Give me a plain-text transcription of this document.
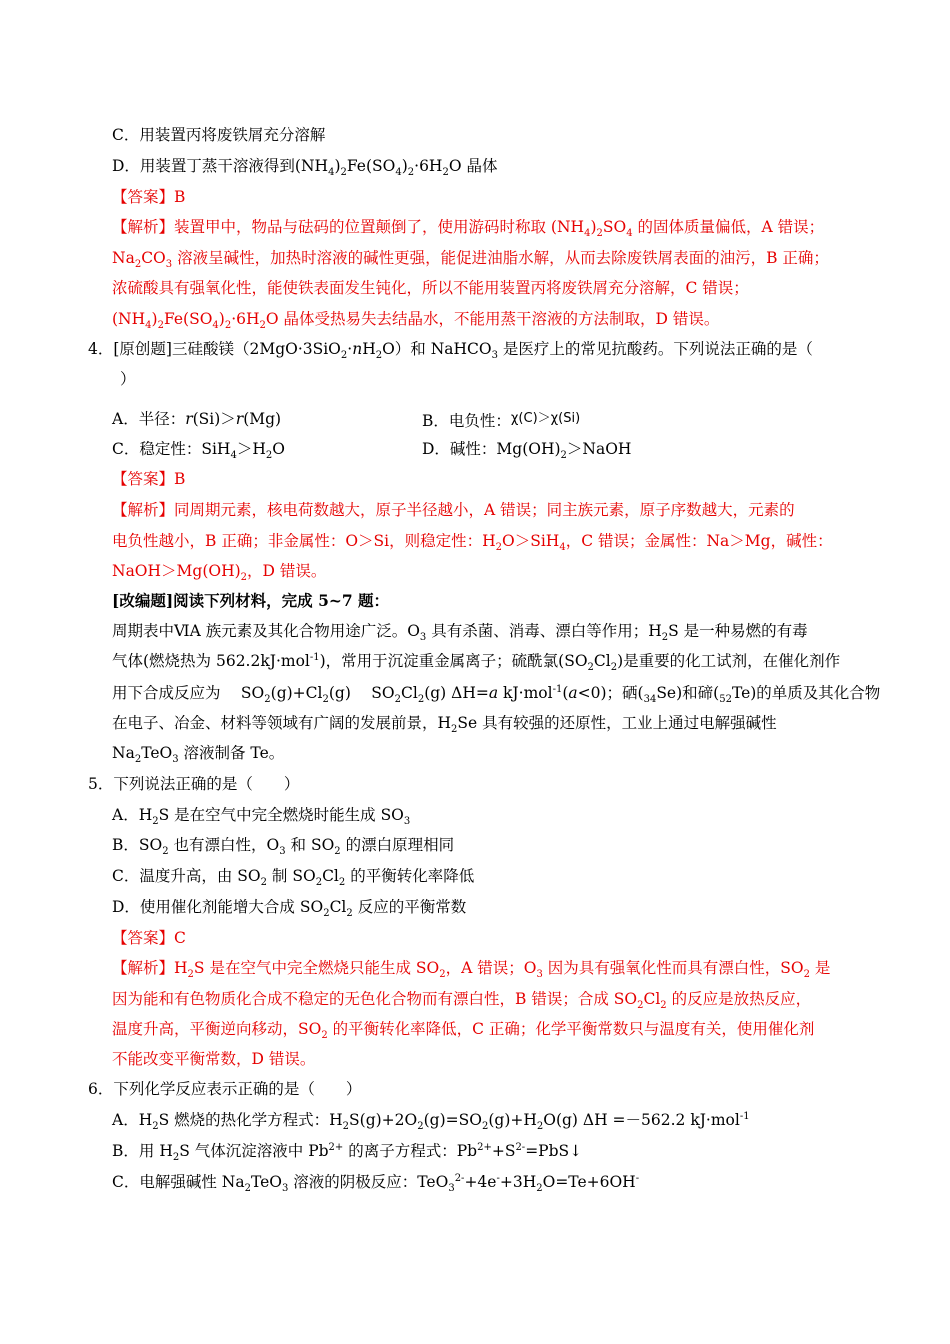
C．用装置丙将废铁屑充分溶解
D．用装置丁蒸干溶液得到$(NH_4)_2Fe(SO_4)_2\cdot 6H_2O$ 晶体
【答案】B
【解析】装置甲中，物品与砝码的位置颠倒了，使用游码时称取 $(NH_4)_2SO_4$ 的固体质量偏低，A 错误；
$Na_2CO_3$ 溶液呈碱性，加热时溶液的碱性更强，能促进油脂水解，从而去除废铁屑表面的油污，B 正确；
浓硫酸具有强氧化性，能使铁表面发生钝化，所以不能用装置丙将废铁屑充分溶解，C 错误；
$(NH_4)_2Fe(SO_4)_2\cdot 6H_2O$ 晶体受热易失去结晶水，不能用蒸干溶液的方法制取，D 错误。
4．[原创题]三硅酸镁$(2MgO\cdot 3SiO_2\cdot nH_2O)$和 NaHCO$_3$ 是医疗上的常见抗酸药。下列说法正确的是（
）
A．半径：r(Si)＞r(Mg)	B．电负性：$^{\chi(C)>\chi(Si)}$
C．稳定性：$SiH_4>H_2O$	D．碱性：$Mg(OH)_2>NaOH$
【答案】B
【解析】同周期元素，核电荷数越大，原子半径越小，A 错误；同主族元素，原子序数越大，元素的
电负性越小，B 正确；非金属性：O＞Si，则稳定性：$H_2O>SiH_4$，C 错误；金属性：Na＞Mg，碱性：
$NaOH>Mg(OH)_2$，D 错误。
[改编题]阅读下列材料，完成 5~7 题：
周期表中ⅥA 族元素及其化合物用途广泛。$O_3$ 具有杀菌、消毒、漂白等作用；$H_2S$ 是一种易燃的有毒
气体(燃烧热为 562.2kJ·mol$^{-1}$)，常用于沉淀重金属离子；硫酰氯$(SO_2Cl_2)$是重要的化工试剂，在催化剂作
用下合成反应为　 $SO_2(g)+Cl_2(g)$　 $SO_2Cl_2(g)$ ΔH=a kJ·mol$^{-1}$(a<0)；硒$(_{34}Se)$和碲$(_{52}Te)$的单质及其化合物
在电子、冶金、材料等领域有广阔的发展前景，$H_2Se$ 具有较强的还原性，工业上通过电解强碱性
$Na_2TeO_3$ 溶液制备 Te。
5．下列说法正确的是（　　）
A．$H_2S$ 是在空气中完全燃烧时能生成 $SO_3$
B．$SO_2$ 也有漂白性，$O_3$ 和 $SO_2$ 的漂白原理相同
C．温度升高，由 $SO_2$ 制 $SO_2Cl_2$ 的平衡转化率降低
D．使用催化剂能增大合成 $SO_2Cl_2$ 反应的平衡常数
【答案】C
【解析】$H_2S$ 是在空气中完全燃烧只能生成 $SO_2$，A 错误；$O_3$ 因为具有强氧化性而具有漂白性，$SO_2$ 是
因为能和有色物质化合成不稳定的无色化合物而有漂白性，B 错误；合成 $SO_2Cl_2$ 的反应是放热反应，
温度升高，平衡逆向移动，$SO_2$ 的平衡转化率降低，C 正确；化学平衡常数只与温度有关，使用催化剂
不能改变平衡常数，D 错误。
6．下列化学反应表示正确的是（　　）
A．$H_2S$ 燃烧的热化学方程式：$H_2S(g)+2O_2(g)=SO_2(g)+H_2O(g)$ ΔH =－562.2 kJ·mol$^{-1}$
B．用 $H_2S$ 气体沉淀溶液中 $Pb^{2+}$ 的离子方程式：$Pb^{2+}+S^{2-}=PbS↓$
C．电解强碱性 $Na_2TeO_3$ 溶液的阴极反应：$TeO_3^{2-}+4e^-+3H_2O=Te+6OH^-$
